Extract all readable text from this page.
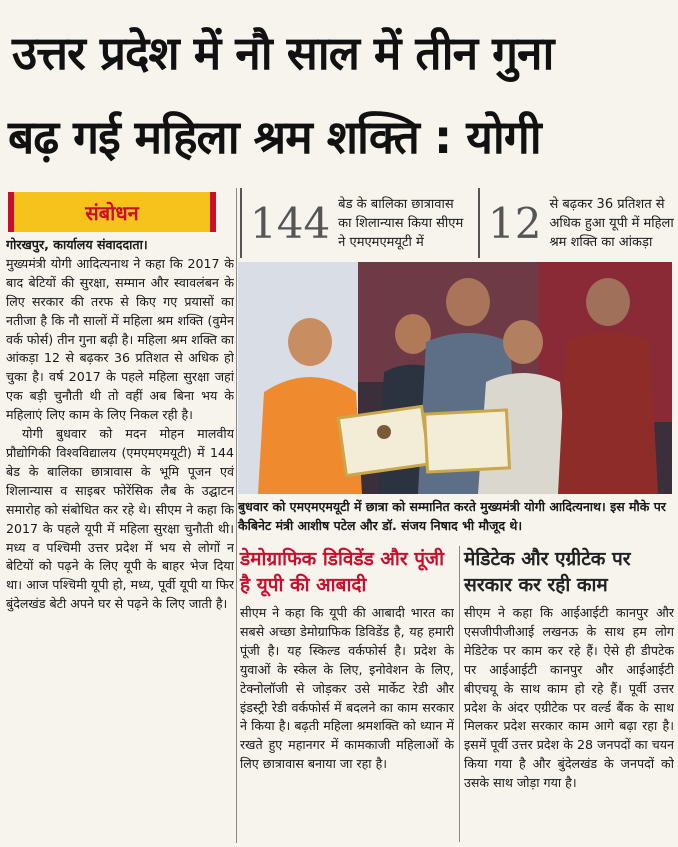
उत्तर प्रदेश में नौ साल में तीन गुना
बढ़ गई महिला श्रम शक्ति : योगी
संबोधन

गोरखपुर, कार्यालय संवाददाता।

मुख्यमंत्री योगी आदित्यनाथ ने कहा कि 2017 के बाद बेटियों की सुरक्षा, सम्मान और स्वावलंबन के लिए सरकार की तरफ से किए गए प्रयासों का नतीजा है कि नौ सालों में महिला श्रम शक्ति (वुमेन वर्क फोर्स) तीन गुना बढ़ी है। महिला श्रम शक्ति का आंकड़ा 12 से बढ़कर 36 प्रतिशत से अधिक हो चुका है। वर्ष 2017 के पहले महिला सुरक्षा जहां एक बड़ी चुनौती थी तो वहीं अब बिना भय के महिलाएं लिए काम के लिए निकल रही है।

योगी बुधवार को मदन मोहन मालवीय प्रौद्योगिकी विश्वविद्यालय (एमएमएमयूटी) में 144 बेड के बालिका छात्रावास के भूमि पूजन एवं शिलान्यास व साइबर फोरेंसिक लैब के उद्घाटन समारोह को संबोधित कर रहे थे। सीएम ने कहा कि 2017 के पहले यूपी में महिला सुरक्षा चुनौती थी। मध्य व पश्चिमी उत्तर प्रदेश में भय से लोगों न बेटियों को पढ़ने के लिए यूपी के बाहर भेज दिया था। आज पश्चिमी यूपी हो, मध्य, पूर्वी यूपी या फिर बुंदेलखंड बेटी अपने घर से पढ़ने के लिए जाती है।

144 बेड के बालिका छात्रावास का शिलान्यास किया सीएम ने एमएमएमयूटी में	12 से बढ़कर 36 प्रतिशत से अधिक हुआ यूपी में महिला श्रम शक्ति का आंकड़ा
बुधवार को एमएमएमयूटी में छात्रा को सम्मानित करते मुख्यमंत्री योगी आदित्यनाथ। इस मौके पर कैबिनेट मंत्री आशीष पटेल और डॉ. संजय निषाद भी मौजूद थे।
डेमोग्राफिक डिविडेंड और पूंजी है यूपी की आबादी
मेडिटेक और एग्रीटेक पर सरकार कर रही काम
सीएम ने कहा कि यूपी की आबादी भारत का सबसे अच्छा डेमोग्राफिक डिविडेंड है, यह हमारी पूंजी है। यह स्किल्ड वर्कफोर्स है। प्रदेश के युवाओं के स्केल के लिए, इनोवेशन के लिए, टेक्नोलॉजी से जोड़कर उसे मार्केट रेडी और इंडस्ट्री रेडी वर्कफोर्स में बदलने का काम सरकार ने किया है। बढ़ती महिला श्रमशक्ति को ध्यान में रखते हुए महानगर में कामकाजी महिलाओं के लिए छात्रावास बनाया जा रहा है।
सीएम ने कहा कि आईआईटी कानपुर और एसजीपीजीआई लखनऊ के साथ हम लोग मेडिटेक पर काम कर रहे हैं। ऐसे ही डीपटेक पर आईआईटी कानपुर और आईआईटी बीएचयू के साथ काम हो रहे हैं। पूर्वी उत्तर प्रदेश के अंदर एग्रीटेक पर वर्ल्ड बैंक के साथ मिलकर प्रदेश सरकार काम आगे बढ़ा रहा है। इसमें पूर्वी उत्तर प्रदेश के 28 जनपदों का चयन किया गया है और बुंदेलखंड के जनपदों को उसके साथ जोड़ा गया है।
